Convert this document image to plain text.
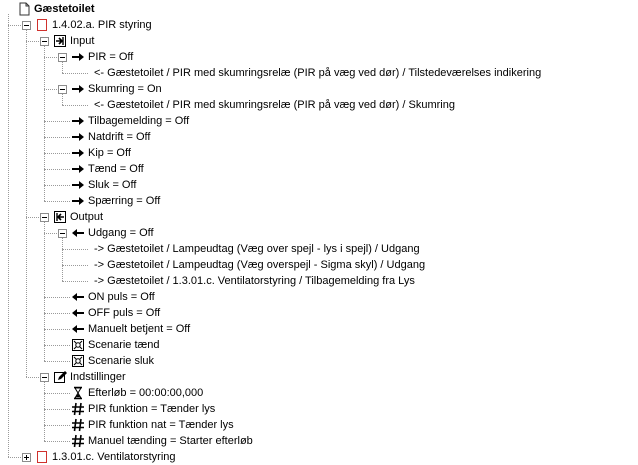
Gæstetoilet
1.4.02.a. PIR styring
Input
PIR = Off
<- Gæstetoilet / PIR med skumringsrelæ (PIR på væg ved dør) / Tilstedeværelses indikering
Skumring = On
<- Gæstetoilet / PIR med skumringsrelæ (PIR på væg ved dør) / Skumring
Tilbagemelding = Off
Natdrift = Off
Kip = Off
Tænd = Off
Sluk = Off
Spærring = Off
Output
Udgang = Off
-> Gæstetoilet / Lampeudtag (Væg over spejl - lys i spejl) / Udgang
-> Gæstetoilet / Lampeudtag (Væg overspejl - Sigma skyl) / Udgang
-> Gæstetoilet / 1.3.01.c. Ventilatorstyring / Tilbagemelding fra Lys
ON puls = Off
OFF puls = Off
Manuelt betjent = Off
Scenarie tænd
Scenarie sluk
Indstillinger
Efterløb = 00:00:00,000
PIR funktion = Tænder lys
PIR funktion nat = Tænder lys
Manuel tænding = Starter efterløb
1.3.01.c. Ventilatorstyring
